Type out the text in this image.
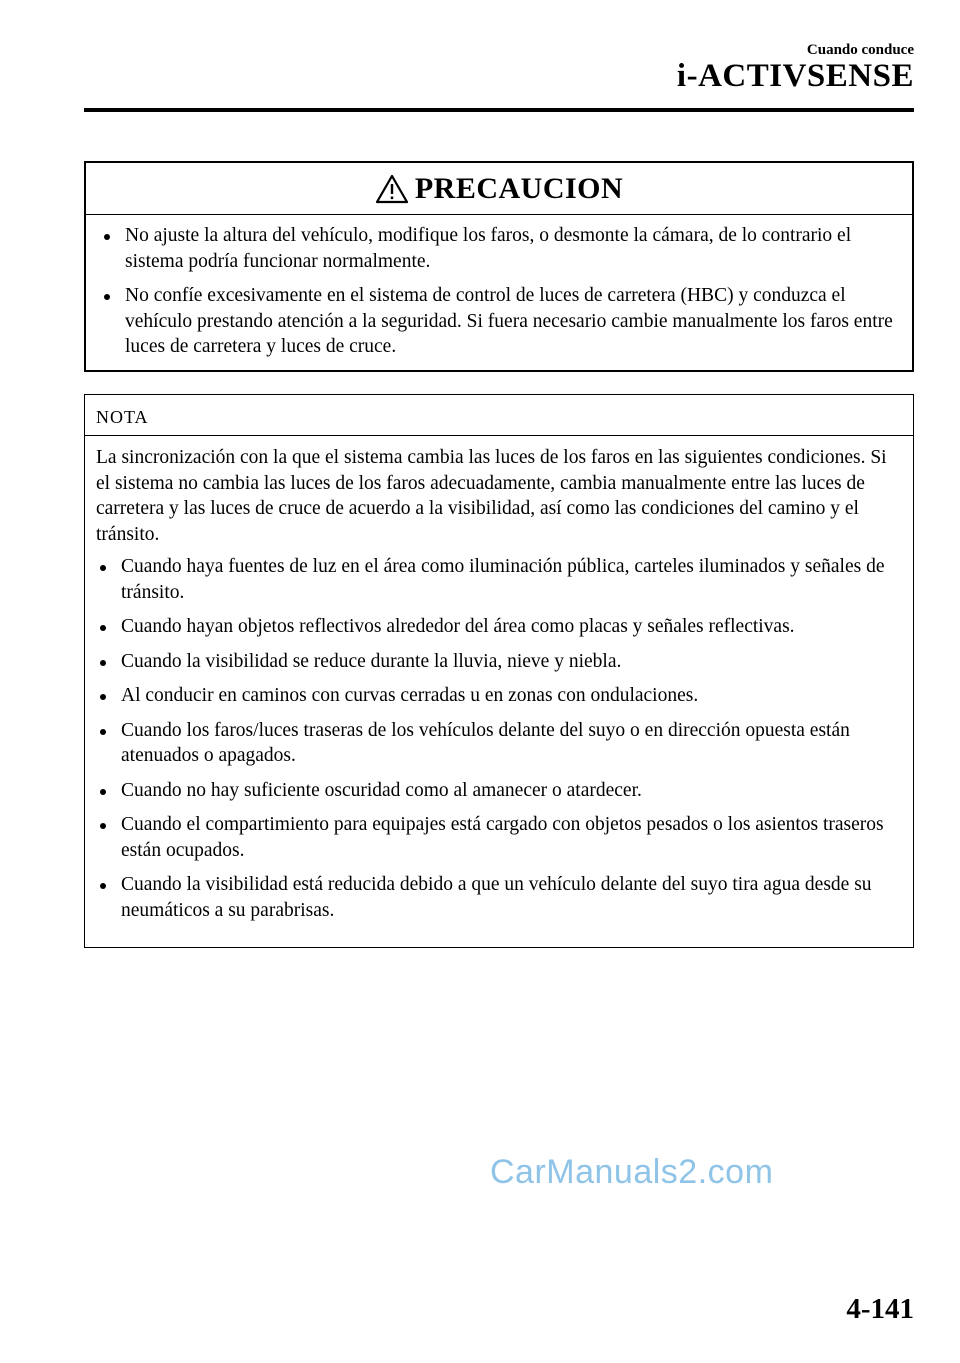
Cuando conduce
i-ACTIVSENSE
PRECAUCION
No ajuste la altura del vehículo, modifique los faros, o desmonte la cámara, de lo contrario el sistema podría funcionar normalmente.
No confíe excesivamente en el sistema de control de luces de carretera (HBC) y conduzca el vehículo prestando atención a la seguridad. Si fuera necesario cambie manualmente los faros entre luces de carretera y luces de cruce.
NOTA

La sincronización con la que el sistema cambia las luces de los faros en las siguientes condiciones. Si el sistema no cambia las luces de los faros adecuadamente, cambia manualmente entre las luces de carretera y las luces de cruce de acuerdo a la visibilidad, así como las condiciones del camino y el tránsito.

Cuando haya fuentes de luz en el área como iluminación pública, carteles iluminados y señales de tránsito.
Cuando hayan objetos reflectivos alrededor del área como placas y señales reflectivas.
Cuando la visibilidad se reduce durante la lluvia, nieve y niebla.
Al conducir en caminos con curvas cerradas u en zonas con ondulaciones.
Cuando los faros/luces traseras de los vehículos delante del suyo o en dirección opuesta están atenuados o apagados.
Cuando no hay suficiente oscuridad como al amanecer o atardecer.
Cuando el compartimiento para equipajes está cargado con objetos pesados o los asientos traseros están ocupados.
Cuando la visibilidad está reducida debido a que un vehículo delante del suyo tira agua desde su neumáticos a su parabrisas.
CarManuals2.com
4-141
